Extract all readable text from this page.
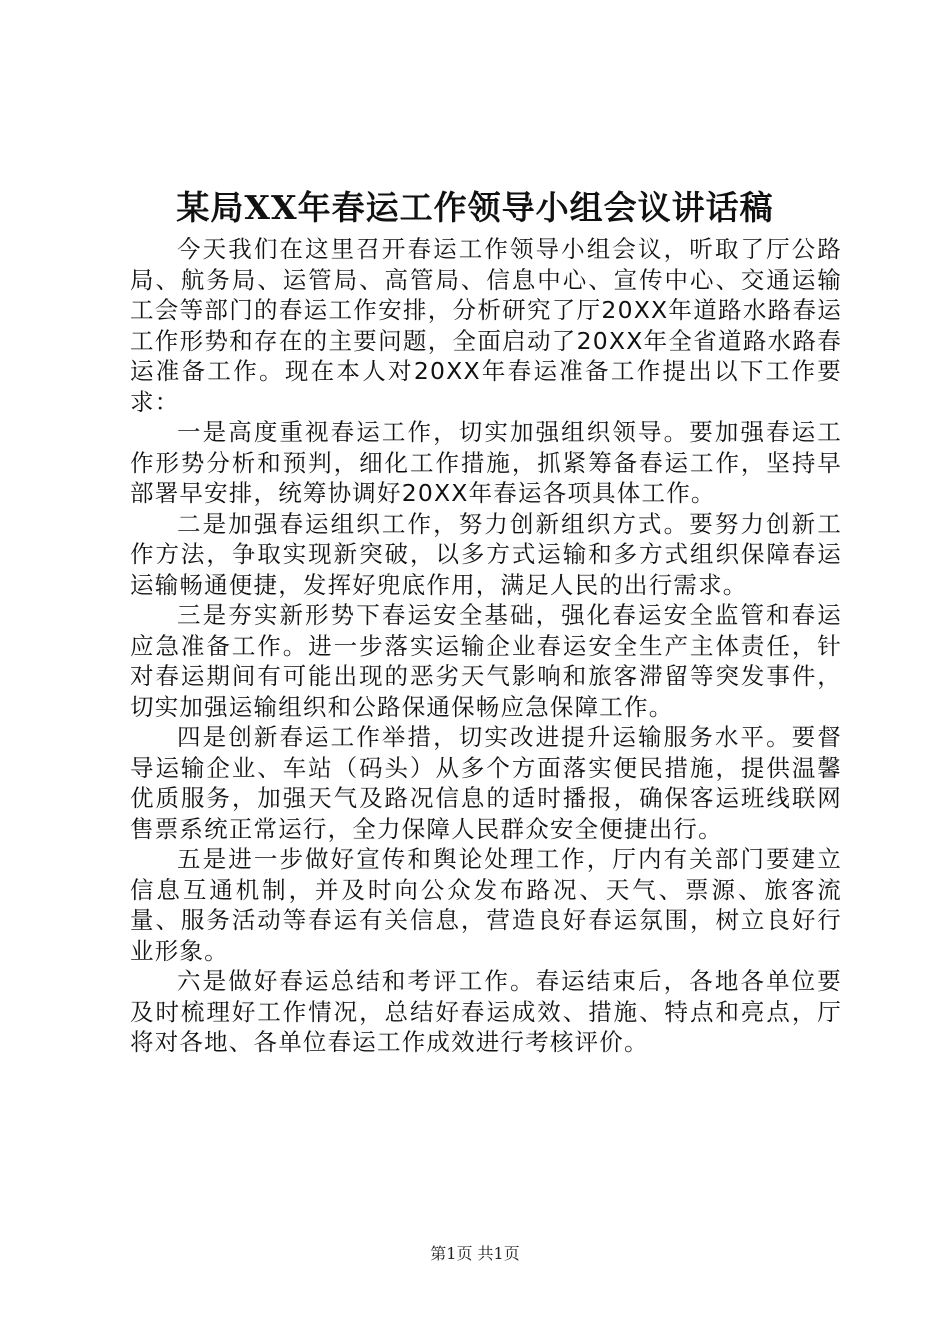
某局XX年春运工作领导小组会议讲话稿

今天我们在这里召开春运工作领导小组会议，听取了厅公路局、航务局、运管局、高管局、信息中心、宣传中心、交通运输工会等部门的春运工作安排，分析研究了厅20XX年道路水路春运工作形势和存在的主要问题，全面启动了20XX年全省道路水路春运准备工作。现在本人对20XX年春运准备工作提出以下工作要求：

一是高度重视春运工作，切实加强组织领导。要加强春运工作形势分析和预判，细化工作措施，抓紧筹备春运工作，坚持早部署早安排，统筹协调好20XX年春运各项具体工作。

二是加强春运组织工作，努力创新组织方式。要努力创新工作方法，争取实现新突破，以多方式运输和多方式组织保障春运运输畅通便捷，发挥好兜底作用，满足人民的出行需求。

三是夯实新形势下春运安全基础，强化春运安全监管和春运应急准备工作。进一步落实运输企业春运安全生产主体责任，针对春运期间有可能出现的恶劣天气影响和旅客滞留等突发事件，切实加强运输组织和公路保通保畅应急保障工作。

四是创新春运工作举措，切实改进提升运输服务水平。要督导运输企业、车站（码头）从多个方面落实便民措施，提供温馨优质服务，加强天气及路况信息的适时播报，确保客运班线联网售票系统正常运行，全力保障人民群众安全便捷出行。

五是进一步做好宣传和舆论处理工作，厅内有关部门要建立信息互通机制，并及时向公众发布路况、天气、票源、旅客流量、服务活动等春运有关信息，营造良好春运氛围，树立良好行业形象。

六是做好春运总结和考评工作。春运结束后，各地各单位要及时梳理好工作情况，总结好春运成效、措施、特点和亮点，厅将对各地、各单位春运工作成效进行考核评价。

第1页 共1页
